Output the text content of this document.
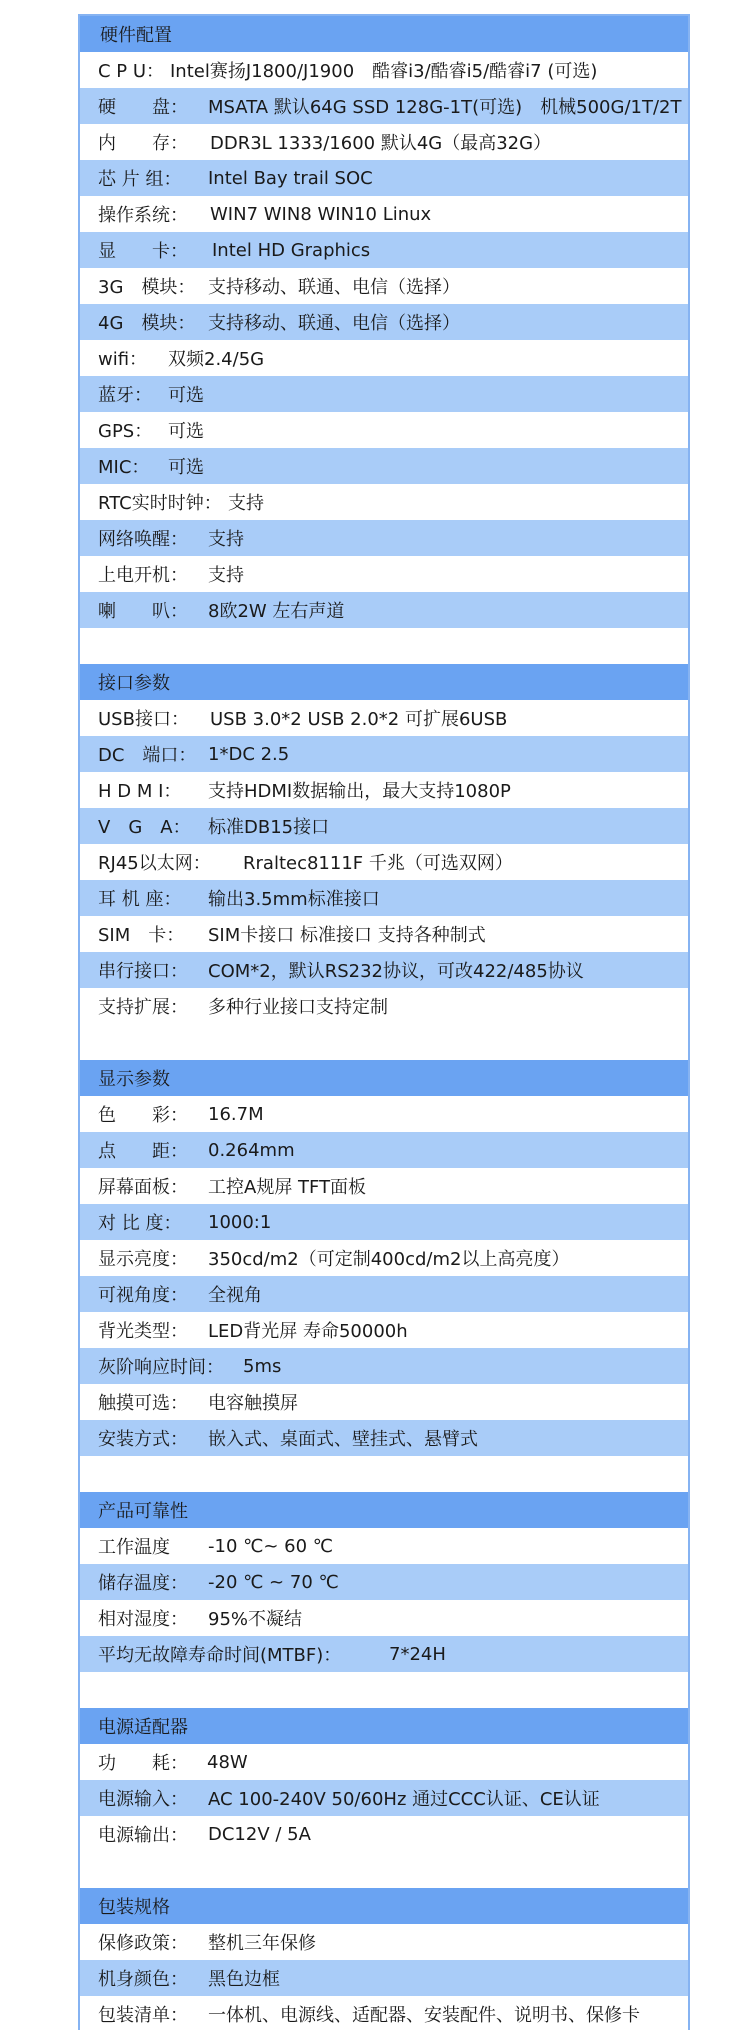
硬件配置
C P U： Intel赛扬J1800/J1900　酷睿i3/酷睿i5/酷睿i7 (可选)
硬　　盘： MSATA 默认64G SSD 128G-1T(可选)　机械500G/1T/2T
内　　存： DDR3L 1333/1600 默认4G（最高32G）
芯 片 组： Intel Bay trail SOC
操作系统： WIN7 WIN8 WIN10 Linux
显　　卡： Intel HD Graphics
3G　模块： 支持移动、联通、电信（选择）
4G　模块： 支持移动、联通、电信（选择）
wifi： 双频2.4/5G
蓝牙： 可选
GPS： 可选
MIC： 可选
RTC实时时钟： 支持
网络唤醒： 支持
上电开机： 支持
喇　　叭： 8欧2W 左右声道
接口参数
USB接口： USB 3.0*2 USB 2.0*2 可扩展6USB
DC　端口： 1*DC 2.5
H D M I： 支持HDMI数据输出，最大支持1080P
V　G　A： 标准DB15接口
RJ45以太网： Rraltec8111F 千兆（可选双网）
耳 机 座： 输出3.5mm标准接口
SIM　卡： SIM卡接口 标准接口 支持各种制式
串行接口： COM*2，默认RS232协议，可改422/485协议
支持扩展： 多种行业接口支持定制
显示参数
色　　彩： 16.7M
点　　距： 0.264mm
屏幕面板： 工控A规屏 TFT面板
对 比 度： 1000:1
显示亮度： 350cd/m2（可定制400cd/m2以上高亮度）
可视角度： 全视角
背光类型： LED背光屏 寿命50000h
灰阶响应时间： 5ms
触摸可选： 电容触摸屏
安装方式： 嵌入式、桌面式、壁挂式、悬臂式
产品可靠性
工作温度 -10 ℃~ 60 ℃
储存温度： -20 ℃ ~ 70 ℃
相对湿度： 95%不凝结
平均无故障寿命时间(MTBF)：	7*24H
电源适配器
功　　耗： 48W
电源输入： AC 100-240V 50/60Hz 通过CCC认证、CE认证
电源输出： DC12V / 5A
包装规格
保修政策： 整机三年保修
机身颜色： 黑色边框
包装清单： 一体机、电源线、适配器、安装配件、说明书、保修卡
